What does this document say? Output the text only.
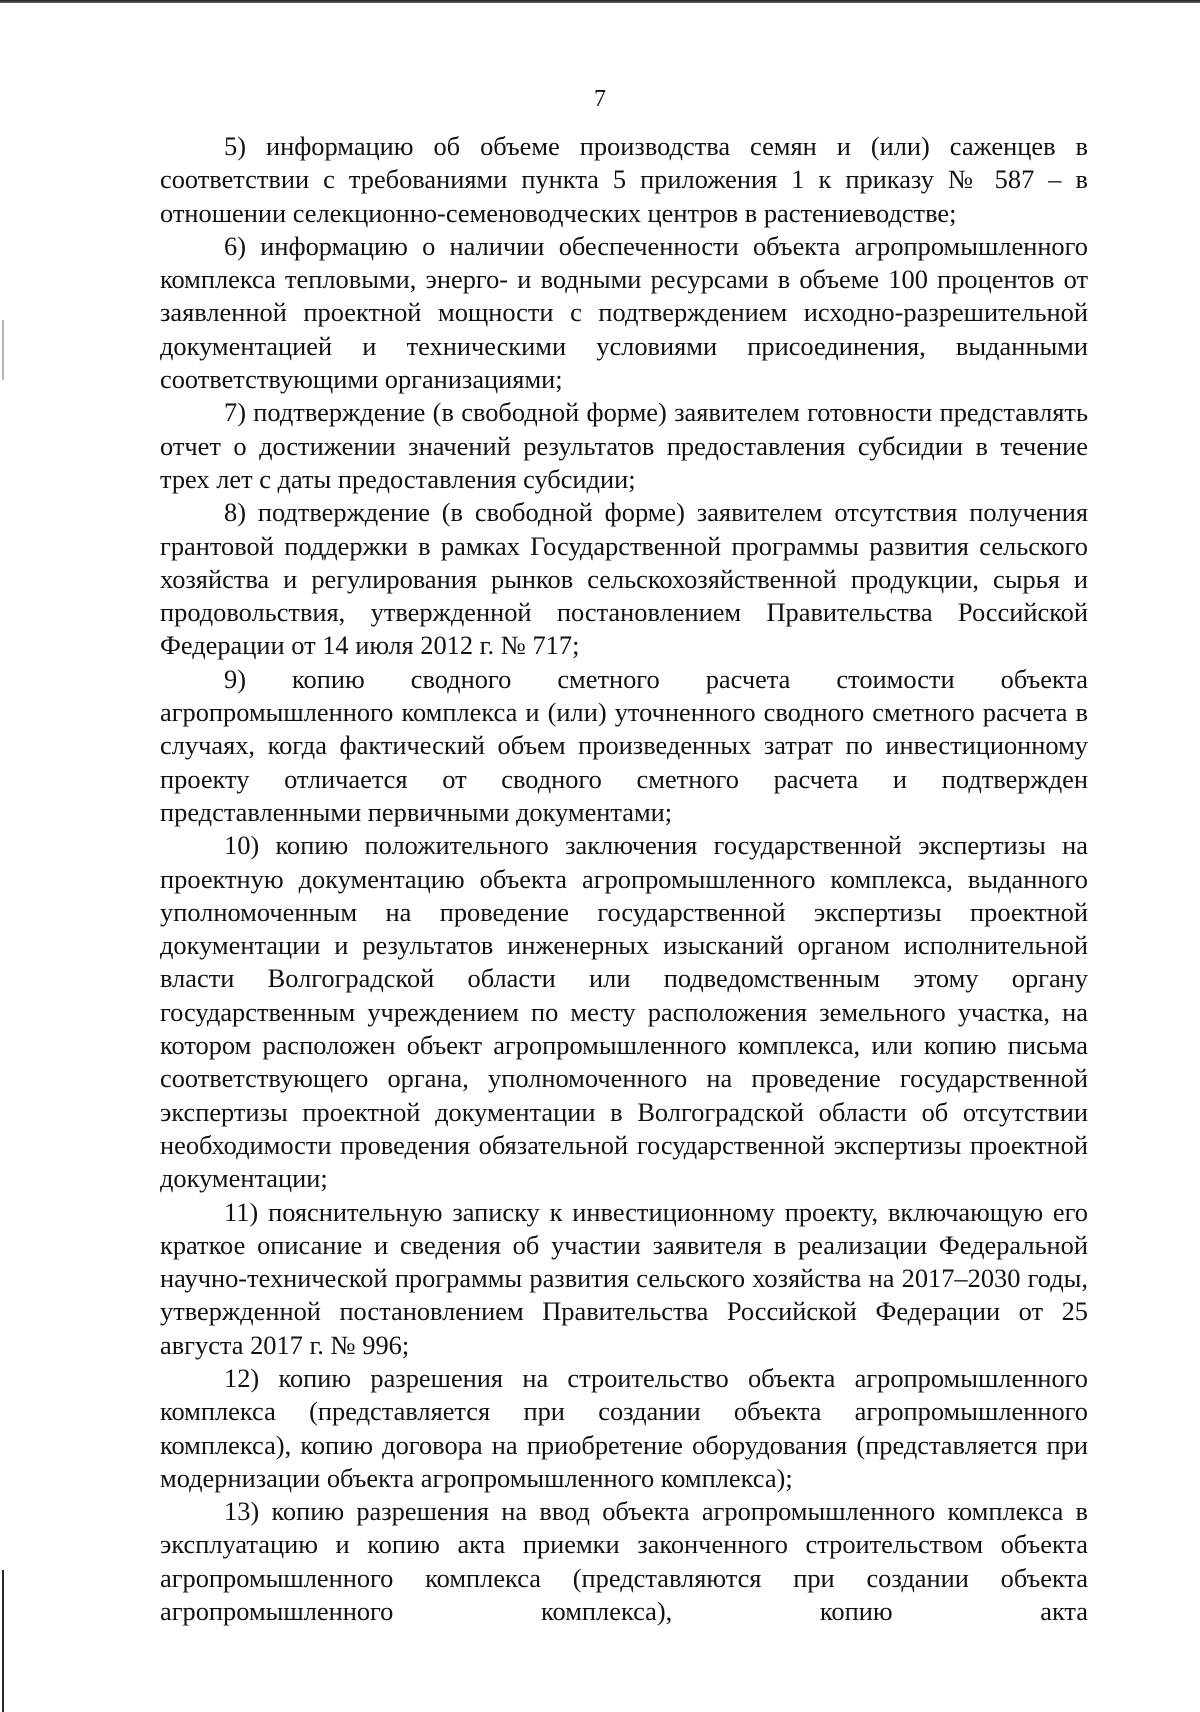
7

5) информацию об объеме производства семян и (или) саженцев в соответствии с требованиями пункта 5 приложения 1 к приказу № 587 – в отношении селекционно-семеноводческих центров в растениеводстве;

6) информацию о наличии обеспеченности объекта агропромышленного комплекса тепловыми, энерго- и водными ресурсами в объеме 100 процентов от заявленной проектной мощности с подтверждением исходно-разрешительной документацией и техническими условиями присоединения, выданными соответствующими организациями;

7) подтверждение (в свободной форме) заявителем готовности представлять отчет о достижении значений результатов предоставления субсидии в течение трех лет с даты предоставления субсидии;

8) подтверждение (в свободной форме) заявителем отсутствия получения грантовой поддержки в рамках Государственной программы развития сельского хозяйства и регулирования рынков сельскохозяйственной продукции, сырья и продовольствия, утвержденной постановлением Правительства Российской Федерации от 14 июля 2012 г. № 717;

9) копию сводного сметного расчета стоимости объекта агропромышленного комплекса и (или) уточненного сводного сметного расчета в случаях, когда фактический объем произведенных затрат по инвестиционному проекту отличается от сводного сметного расчета и подтвержден представленными первичными документами;

10) копию положительного заключения государственной экспертизы на проектную документацию объекта агропромышленного комплекса, выданного уполномоченным на проведение государственной экспертизы проектной документации и результатов инженерных изысканий органом исполнительной власти Волгоградской области или подведомственным этому органу государственным учреждением по месту расположения земельного участка, на котором расположен объект агропромышленного комплекса, или копию письма соответствующего органа, уполномоченного на проведение государственной экспертизы проектной документации в Волгоградской области об отсутствии необходимости проведения обязательной государственной экспертизы проектной документации;

11) пояснительную записку к инвестиционному проекту, включающую его краткое описание и сведения об участии заявителя в реализации Федеральной научно-технической программы развития сельского хозяйства на 2017–2030 годы, утвержденной постановлением Правительства Российской Федерации от 25 августа 2017 г. № 996;

12) копию разрешения на строительство объекта агропромышленного комплекса (представляется при создании объекта агропромышленного комплекса), копию договора на приобретение оборудования (представляется при модернизации объекта агропромышленного комплекса);

13) копию разрешения на ввод объекта агропромышленного комплекса в эксплуатацию и копию акта приемки законченного строительством объекта агропромышленного комплекса (представляются при создании объекта агропромышленного комплекса), копию акта
